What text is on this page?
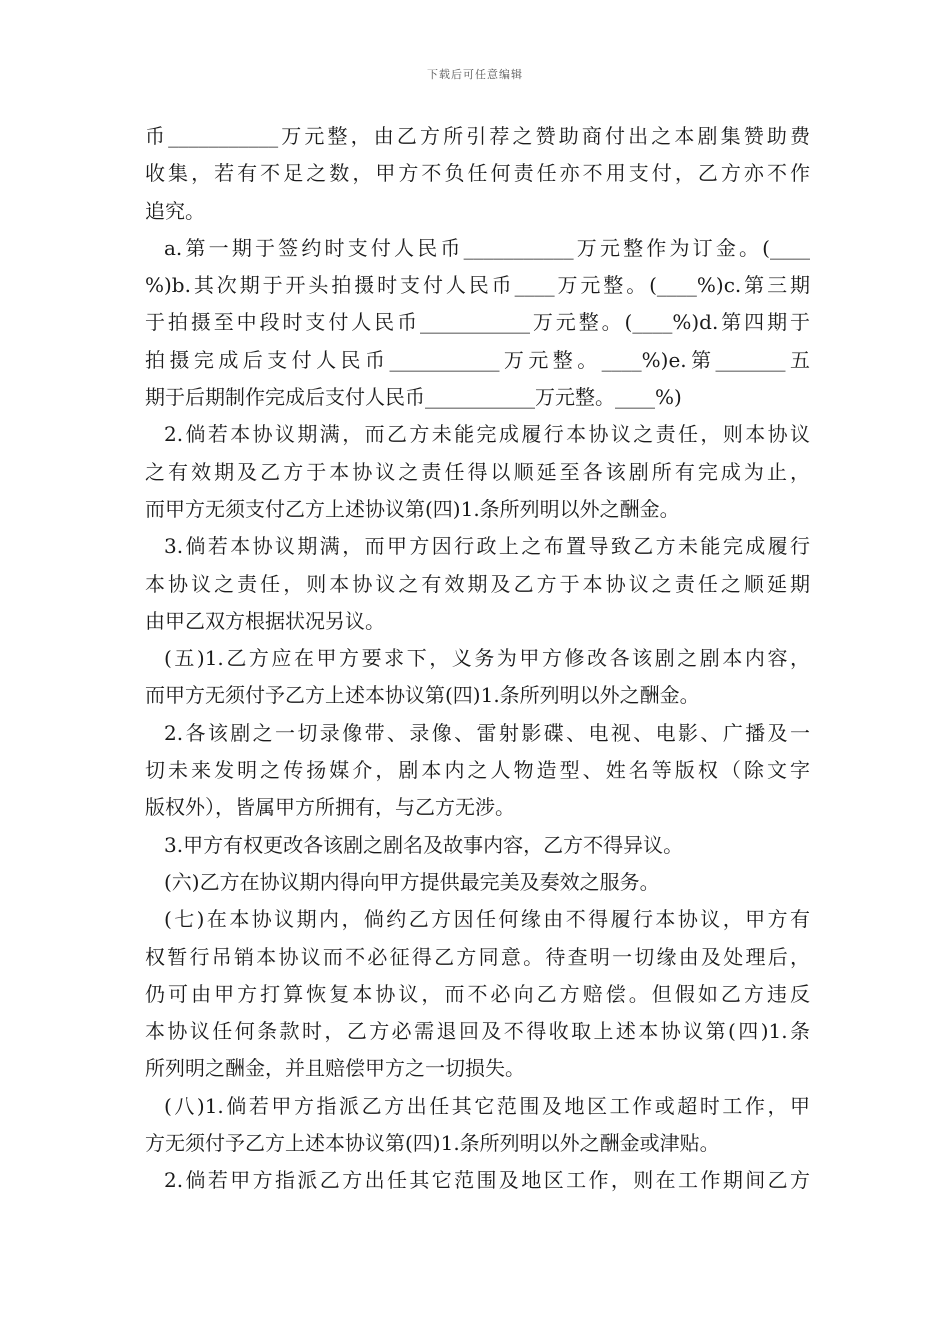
下载后可任意编辑
币___________万元整，由乙方所引荐之赞助商付出之本剧集赞助费
收集，若有不足之数，甲方不负任何责任亦不用支付，乙方亦不作
追究。
a.第一期于签约时支付人民币___________万元整作为订金。(____
%)b.其次期于开头拍摄时支付人民币____万元整。(____%)c.第三期
于拍摄至中段时支付人民币___________万元整。(____%)d.第四期于
拍摄完成后支付人民币___________万元整。____%)e.第_______五
期于后期制作完成后支付人民币___________万元整。____%)
2.倘若本协议期满，而乙方未能完成履行本协议之责任，则本协议
之有效期及乙方于本协议之责任得以顺延至各该剧所有完成为止，
而甲方无须支付乙方上述协议第(四)1.条所列明以外之酬金。
3.倘若本协议期满，而甲方因行政上之布置导致乙方未能完成履行
本协议之责任，则本协议之有效期及乙方于本协议之责任之顺延期
由甲乙双方根据状况另议。
(五)1.乙方应在甲方要求下，义务为甲方修改各该剧之剧本内容，
而甲方无须付予乙方上述本协议第(四)1.条所列明以外之酬金。
2.各该剧之一切录像带、录像、雷射影碟、电视、电影、广播及一
切未来发明之传扬媒介，剧本内之人物造型、姓名等版权（除文字
版权外），皆属甲方所拥有，与乙方无涉。
3.甲方有权更改各该剧之剧名及故事内容，乙方不得异议。
(六)乙方在协议期内得向甲方提供最完美及奏效之服务。
(七)在本协议期内，倘约乙方因任何缘由不得履行本协议，甲方有
权暂行吊销本协议而不必征得乙方同意。待查明一切缘由及处理后，
仍可由甲方打算恢复本协议，而不必向乙方赔偿。但假如乙方违反
本协议任何条款时，乙方必需退回及不得收取上述本协议第(四)1.条
所列明之酬金，并且赔偿甲方之一切损失。
(八)1.倘若甲方指派乙方出任其它范围及地区工作或超时工作，甲
方无须付予乙方上述本协议第(四)1.条所列明以外之酬金或津贴。
2.倘若甲方指派乙方出任其它范围及地区工作，则在工作期间乙方
